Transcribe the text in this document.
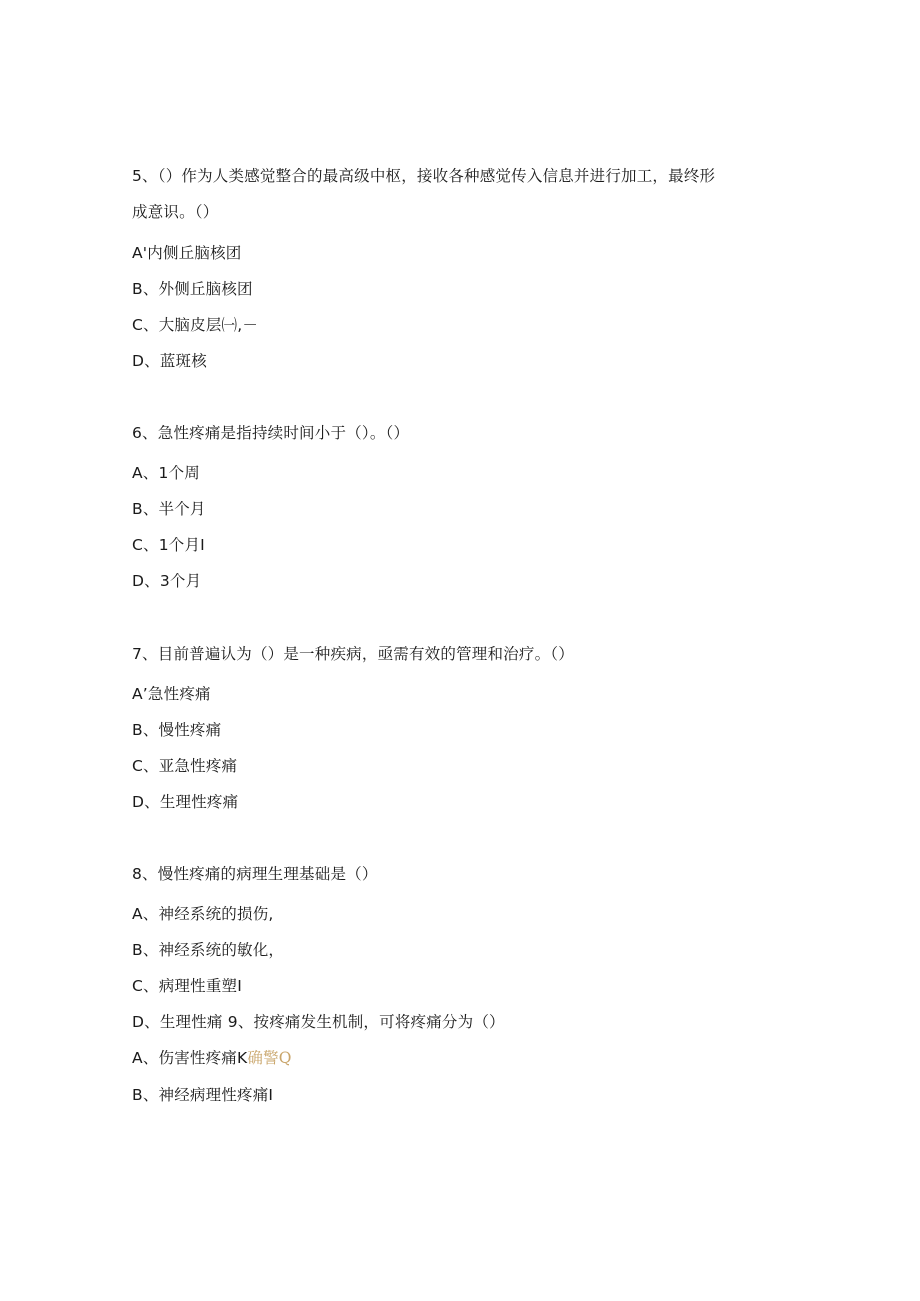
5、（）作为人类感觉整合的最高级中枢，接收各种感觉传入信息并进行加工，最终形
成意识。（）
A'内侧丘脑核团
B、外侧丘脑核团
C、大脑皮层㈠,－
D、蓝斑核
6、急性疼痛是指持续时间小于（）。（）
A、1个周
B、半个月
C、1个月I
D、3个月
7、目前普遍认为（）是一种疾病，亟需有效的管理和治疗。（）
A’急性疼痛
B、慢性疼痛
C、亚急性疼痛
D、生理性疼痛
8、慢性疼痛的病理生理基础是（）
A、神经系统的损伤,
B、神经系统的敏化，
C、病理性重塑I
D、生理性痛 9、按疼痛发生机制，可将疼痛分为（）
A、伤害性疼痛K确警Q
B、神经病理性疼痛I
